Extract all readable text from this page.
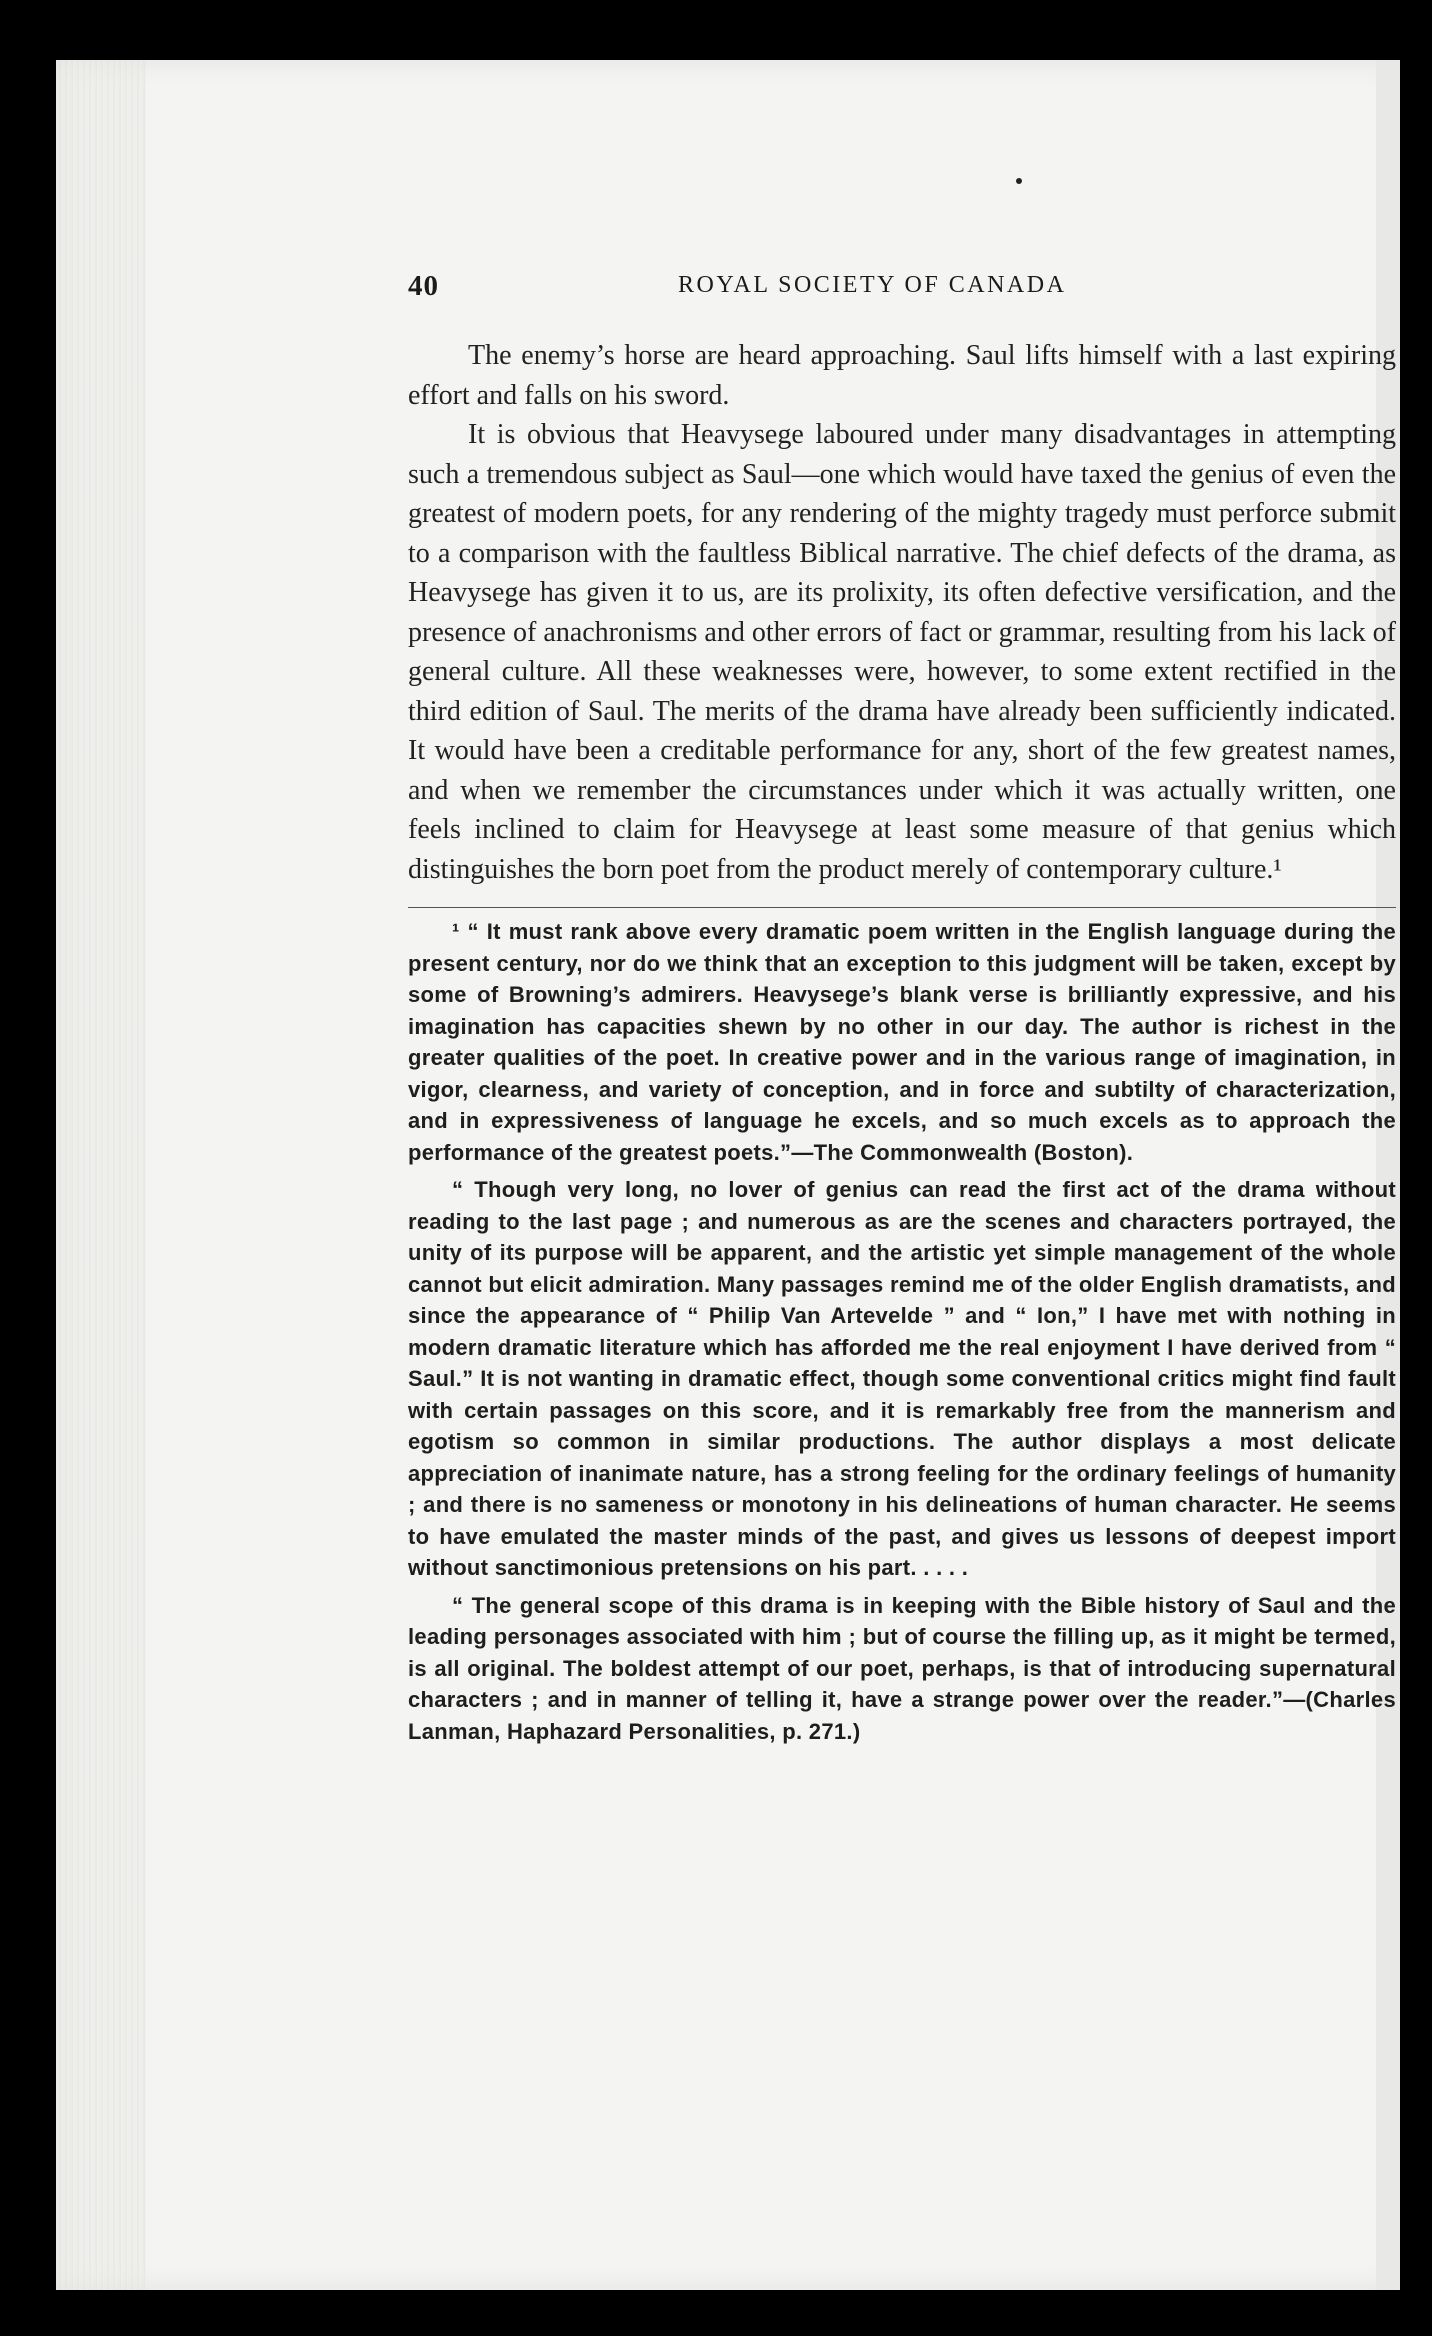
40	ROYAL SOCIETY OF CANADA

The enemy’s horse are heard approaching. Saul lifts himself with a last expiring effort and falls on his sword.

It is obvious that Heavysege laboured under many disadvantages in attempting such a tremendous subject as Saul—one which would have taxed the genius of even the greatest of modern poets, for any rendering of the mighty tragedy must perforce submit to a comparison with the faultless Biblical narrative. The chief defects of the drama, as Heavysege has given it to us, are its prolixity, its often defective versification, and the presence of anachronisms and other errors of fact or grammar, resulting from his lack of general culture. All these weaknesses were, however, to some extent rectified in the third edition of Saul. The merits of the drama have already been sufficiently indicated. It would have been a creditable performance for any, short of the few greatest names, and when we remember the circumstances under which it was actually written, one feels inclined to claim for Heavysege at least some measure of that genius which distinguishes the born poet from the product merely of contemporary culture.¹

¹ “ It must rank above every dramatic poem written in the English language during the present century, nor do we think that an exception to this judgment will be taken, except by some of Browning’s admirers. Heavysege’s blank verse is brilliantly expressive, and his imagination has capacities shewn by no other in our day. The author is richest in the greater qualities of the poet. In creative power and in the various range of imagination, in vigor, clearness, and variety of conception, and in force and subtilty of characterization, and in expressiveness of language he excels, and so much excels as to approach the performance of the greatest poets.”—The Commonwealth (Boston).

“ Though very long, no lover of genius can read the first act of the drama without reading to the last page ; and numerous as are the scenes and characters portrayed, the unity of its purpose will be apparent, and the artistic yet simple management of the whole cannot but elicit admiration. Many passages remind me of the older English dramatists, and since the appearance of “ Philip Van Artevelde ” and “ Ion,” I have met with nothing in modern dramatic literature which has afforded me the real enjoyment I have derived from “ Saul.” It is not wanting in dramatic effect, though some conventional critics might find fault with certain passages on this score, and it is remarkably free from the mannerism and egotism so common in similar productions. The author displays a most delicate appreciation of inanimate nature, has a strong feeling for the ordinary feelings of humanity ; and there is no sameness or monotony in his delineations of human character. He seems to have emulated the master minds of the past, and gives us lessons of deepest import without sanctimonious pretensions on his part. . . . .

“ The general scope of this drama is in keeping with the Bible history of Saul and the leading personages associated with him ; but of course the filling up, as it might be termed, is all original. The boldest attempt of our poet, perhaps, is that of introducing supernatural characters ; and in manner of telling it, have a strange power over the reader.”—(Charles Lanman, Haphazard Personalities, p. 271.)
